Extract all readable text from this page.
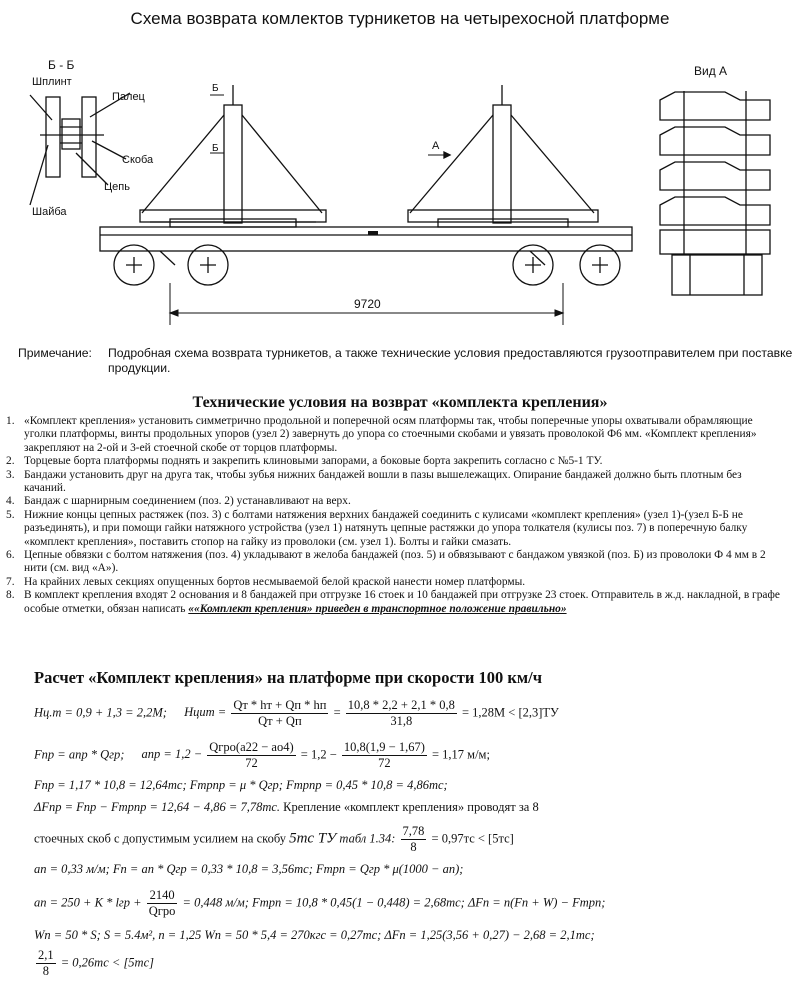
Схема возврата комлектов турникетов на четырехосной платформе
Б - Б	Вид А
Б
Б	А
Шплинт
Палец
Скоба
Цепь
Шайба
9720
Примечание: Подробная схема возврата турникетов, а также технические условия предоставляются грузоотправителем при поставке продукции.
Технические условия на возврат «комплекта крепления»
1. «Комплект крепления» установить симметрично продольной и поперечной осям платформы так, чтобы поперечные упоры охватывали обрамляющие уголки платформы, винты продольных упоров (узел 2) завернуть до упора со стоечными скобами и увязать проволокой Ф6 мм. «Комплект крепления» закрепляют на 2-ой и 3-ей стоечной скобе от торцов платформы.
2. Торцевые борта платформы поднять и закрепить клиновыми запорами, а боковые борта закрепить согласно с №5-1 ТУ.
3. Бандажи установить друг на друга так, чтобы зубья нижних бандажей вошли в пазы вышележащих. Опирание бандажей должно быть плотным без качаний.
4. Бандаж с шарнирным соединением (поз. 2) устанавливают на верх.
5. Нижние концы цепных растяжек (поз. 3) с болтами натяжения верхних бандажей соединить с кулисами «комплект крепления» (узел 1)-(узел Б-Б не разъединять), и при помощи гайки натяжного устройства (узел 1) натянуть цепные растяжки до упора толкателя (кулисы поз. 7) в поперечную балку «комплект крепления», поставить стопор на гайку из проволоки (см. узел 1). Болты и гайки смазать.
6. Цепные обвязки с болтом натяжения (поз. 4) укладывают в желоба бандажей (поз. 5) и обвязывают с бандажом увязкой (поз. Б) из проволоки Ф 4 мм в 2 нити (см. вид «А»).
7. На крайних левых секциях опущенных бортов несмываемой белой краской нанести номер платформы.
8. В комплект крепления входят 2 основания и 8 бандажей при отгрузке 16 стоек и 10 бандажей при отгрузке 23 стоек. Отправитель в ж.д. накладной, в графе особые отметки, обязан написать ««Комплект крепления» приведен в транспортное положение правильно»
Расчет «Комплект крепления» на платформе при скорости 100 км/ч
Hц.т = 0,9 + 1,3 = 2,2M; Hцит = $\frac{Qт * hт + Qп * hп}{Qт + Qп} = \frac{10,8 * 2,2 + 2,1 * 0,8}{31,8} = 1,28M < [2,3]ТУ$
Fпр = aпр * Qгр; aпр = $1,2 - \frac{\text{Qгро(a22 − aо4)}}{72} = 1,2 - \frac{10,8(1,9 - 1,67)}{72} = 1,17$ м/м;
Fпр = 1,17 * 10,8 = 12,64тс; Fтрпр = μ * Qгр; Fтрпр = 0,45 * 10,8 = 4,86тс;
ΔFпр = Fпр − Fтрпр = 12,64 − 4,86 = 7,78тс. Крепление «комплект крепления» проводят за 8
стоечных скоб с допустимым усилием на скобу 5тс ТУ табл 1.34: $\frac{7,78}{8} = 0,97тс < [5тс]$
aп = 0,33 м/м; Fп = aп * Qгр = 0,33 * 10,8 = 3,56тс; Fтрп = Qгр * μ(1000 − aп);
aп = 250 + K * lгр + $\frac{2140}{\text{Qгро}} = 0,448$ м/м; Fтрп = 10,8 * 0,45(1 − 0,448) = 2,68тс; ΔFп = n(Fп + W) − Fтрп;
Wп = 50 * S; S = 5.4м², n = 1,25 Wп = 50 * 5,4 = 270кгс = 0,27тс; ΔFп = 1,25(3,56 + 0,27) − 2,68 = 2,1тс;
$\frac{2,1}{8} = 0,26тс < [5тс]$
